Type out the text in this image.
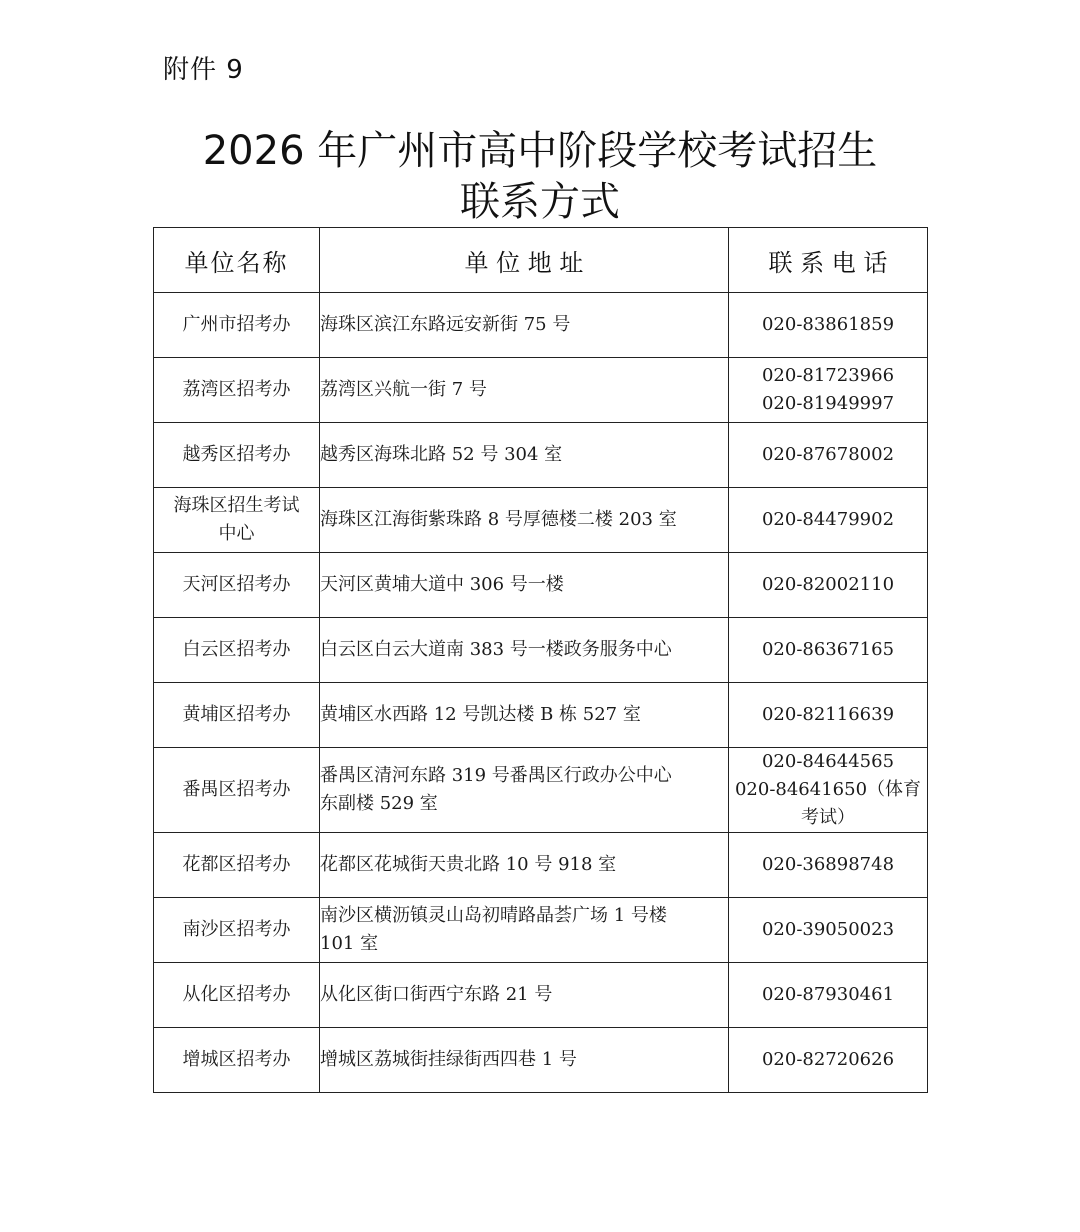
附件 9
2026 年广州市高中阶段学校考试招生
联系方式
单位名称	单 位 地 址	联 系 电 话

广州市招考办	海珠区滨江东路远安新街 75 号	020-83861859

荔湾区招考办	荔湾区兴航一街 7 号	020-81723966
020-81949997

越秀区招考办	越秀区海珠北路 52 号 304 室	020-87678002

海珠区招生考试
中心	海珠区江海街紫珠路 8 号厚德楼二楼 203 室	020-84479902

天河区招考办	天河区黄埔大道中 306 号一楼	020-82002110

白云区招考办	白云区白云大道南 383 号一楼政务服务中心	020-86367165

黄埔区招考办	黄埔区水西路 12 号凯达楼 B 栋 527 室	020-82116639

番禺区招考办	番禺区清河东路 319 号番禺区行政办公中心
东副楼 529 室	020-84644565
020-84641650（体育
考试）

花都区招考办	花都区花城街天贵北路 10 号 918 室	020-36898748

南沙区招考办	南沙区横沥镇灵山岛初晴路晶荟广场 1 号楼
101 室	020-39050023

从化区招考办	从化区街口街西宁东路 21 号	020-87930461

增城区招考办	增城区荔城街挂绿街西四巷 1 号	020-82720626
